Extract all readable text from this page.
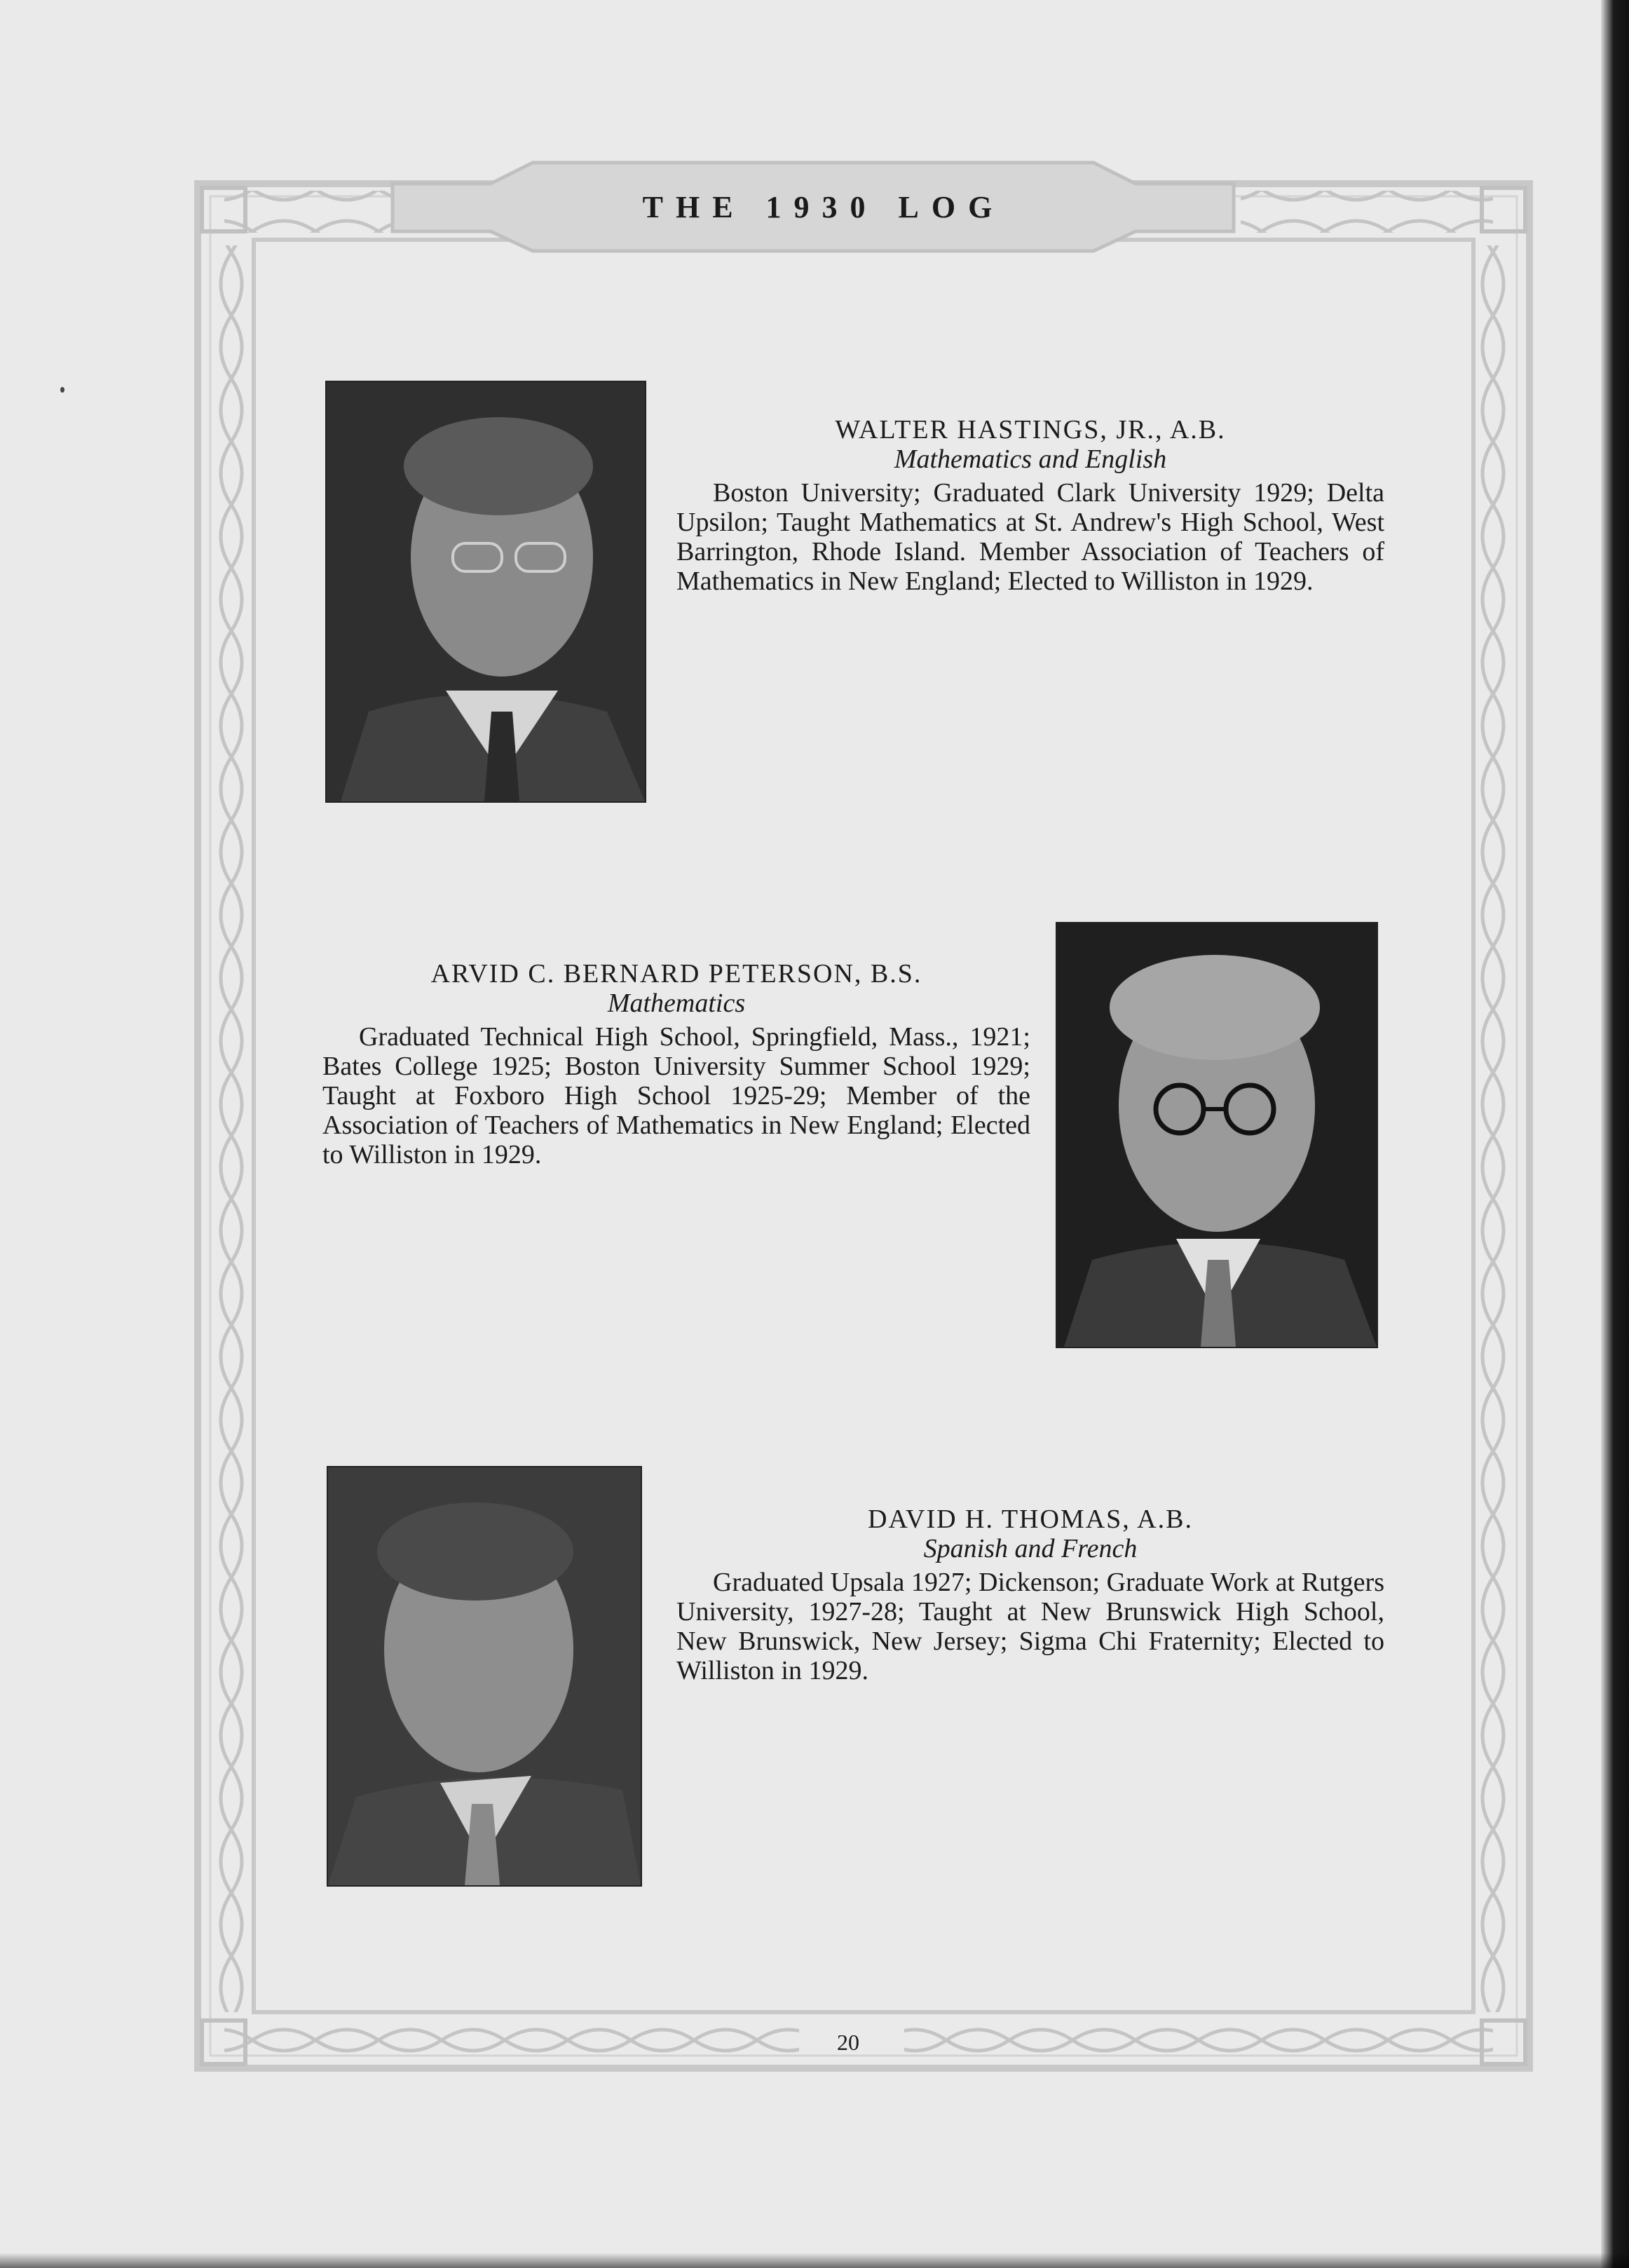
THE 1930 LOG
WALTER HASTINGS, JR., A.B.
Mathematics and English
Boston University; Graduated Clark University 1929; Delta Upsilon; Taught Mathematics at St. Andrew's High School, West Barrington, Rhode Island. Member Association of Teachers of Mathematics in New England; Elected to Williston in 1929.
ARVID C. BERNARD PETERSON, B.S.
Mathematics
Graduated Technical High School, Springfield, Mass., 1921; Bates College 1925; Boston University Summer School 1929; Taught at Foxboro High School 1925-29; Member of the Association of Teachers of Mathematics in New England; Elected to Williston in 1929.
DAVID H. THOMAS, A.B.
Spanish and French
Graduated Upsala 1927; Dickenson; Graduate Work at Rutgers University, 1927-28; Taught at New Brunswick High School, New Brunswick, New Jersey; Sigma Chi Fraternity; Elected to Williston in 1929.
20
